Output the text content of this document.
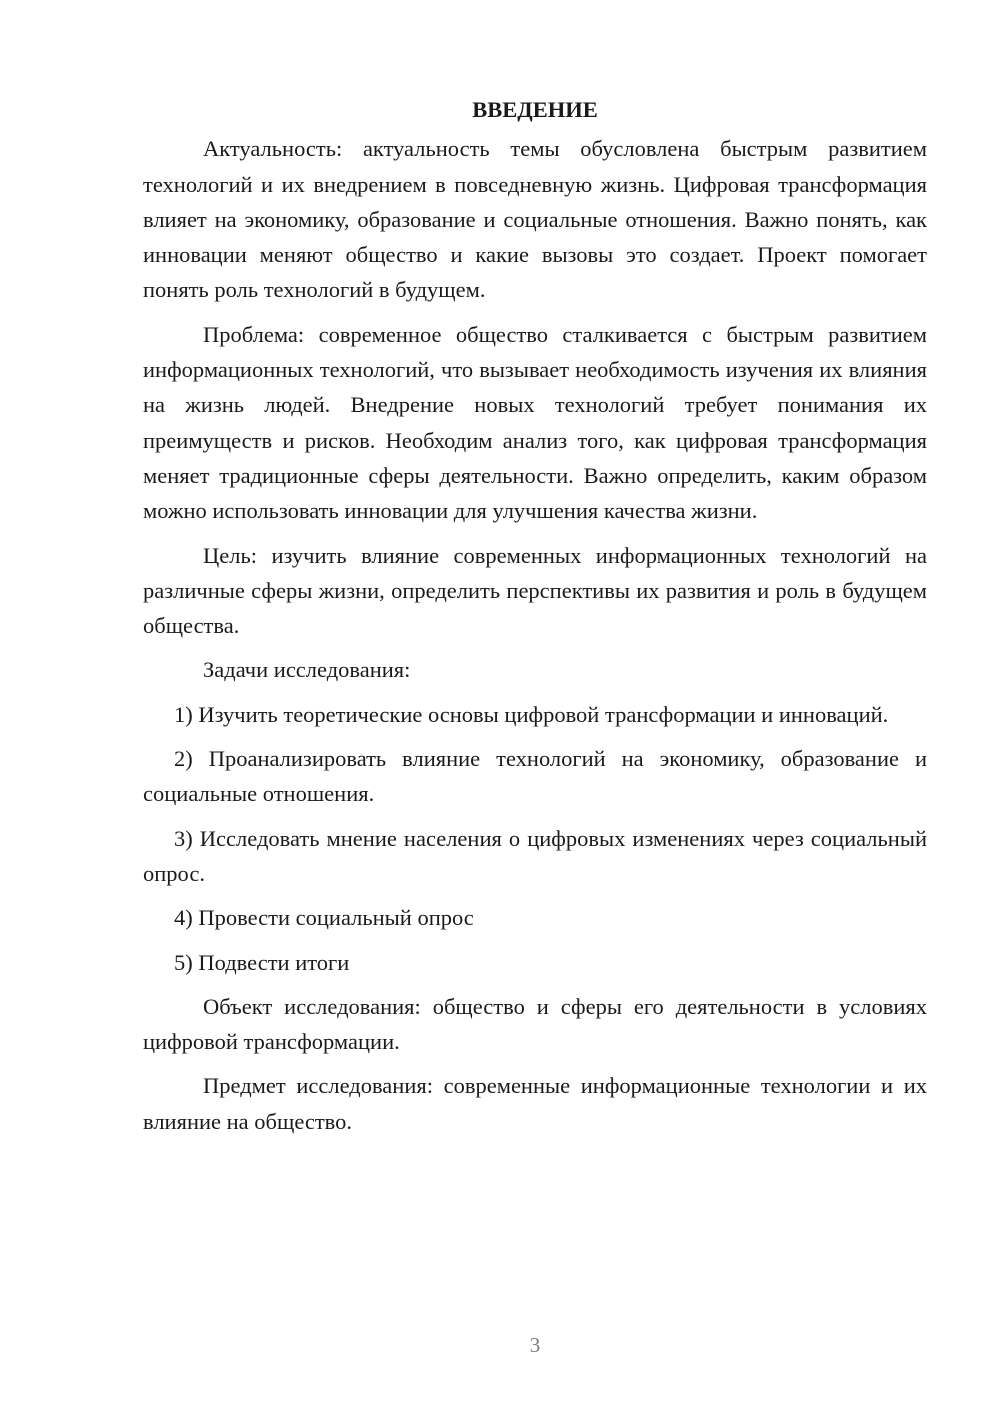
ВВЕДЕНИЕ

Актуальность: актуальность темы обусловлена быстрым развитием технологий и их внедрением в повседневную жизнь. Цифровая трансформация влияет на экономику, образование и социальные отношения. Важно понять, как инновации меняют общество и какие вызовы это создает. Проект помогает понять роль технологий в будущем.

Проблема: современное общество сталкивается с быстрым развитием информационных технологий, что вызывает необходимость изучения их влияния на жизнь людей. Внедрение новых технологий требует понимания их преимуществ и рисков. Необходим анализ того, как цифровая трансформация меняет традиционные сферы деятельности. Важно определить, каким образом можно использовать инновации для улучшения качества жизни.

Цель: изучить влияние современных информационных технологий на различные сферы жизни, определить перспективы их развития и роль в будущем общества.

Задачи исследования:

1) Изучить теоретические основы цифровой трансформации и инноваций.

2) Проанализировать влияние технологий на экономику, образование и социальные отношения.

3) Исследовать мнение населения о цифровых изменениях через социальный опрос.

4) Провести социальный опрос

5) Подвести итоги

Объект исследования: общество и сферы его деятельности в условиях цифровой трансформации.

Предмет исследования: современные информационные технологии и их влияние на общество.

3
